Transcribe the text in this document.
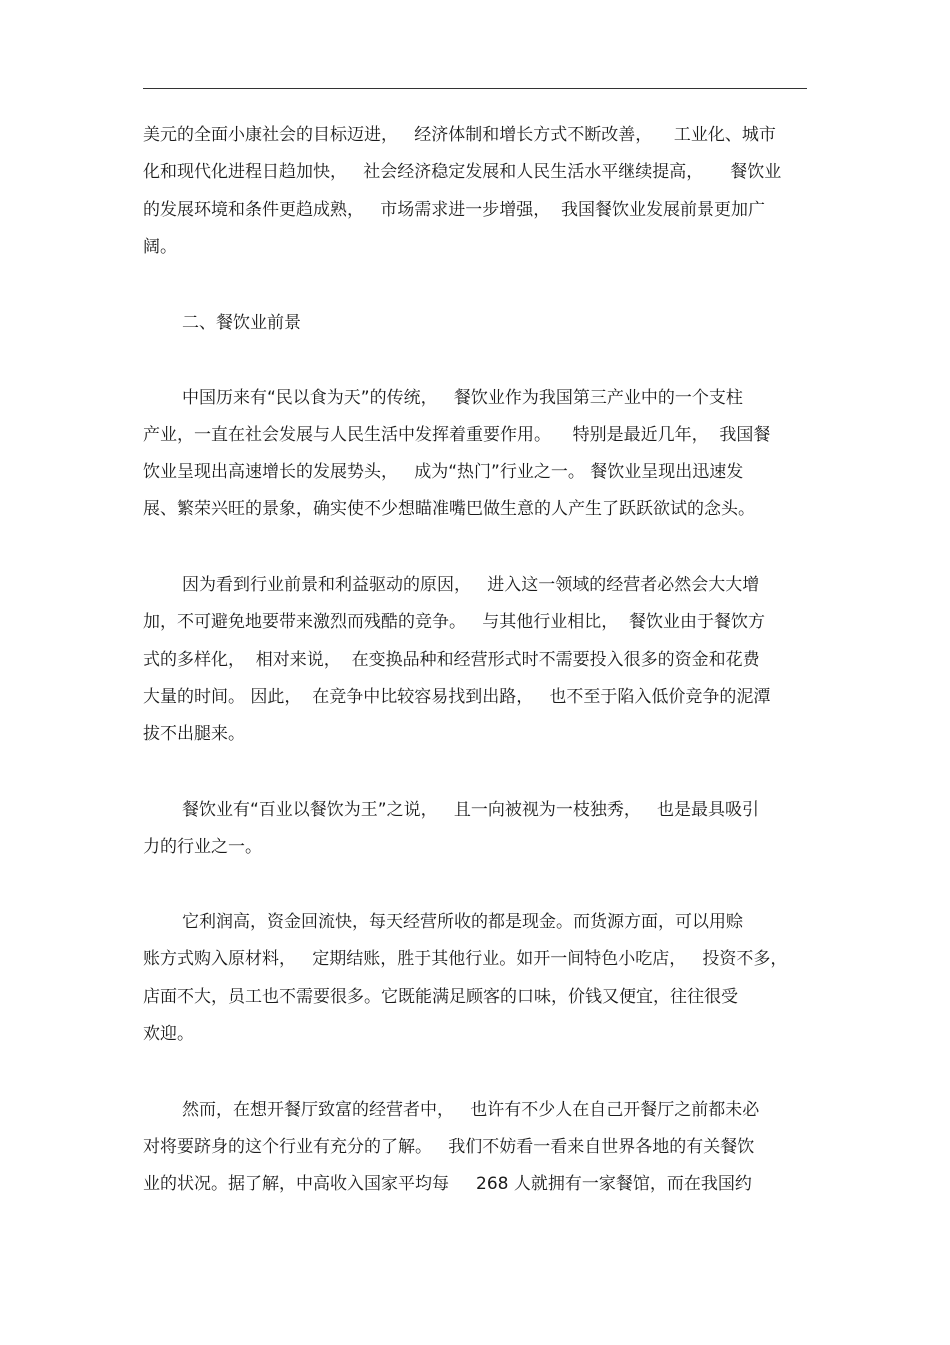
美元的全面小康社会的目标迈进，   经济体制和增长方式不断改善，    工业化、城市

化和现代化进程日趋加快，   社会经济稳定发展和人民生活水平继续提高，     餐饮业

的发展环境和条件更趋成熟，   市场需求进一步增强，  我国餐饮业发展前景更加广

阔。

二、餐饮业前景

中国历来有“民以食为天”的传统，   餐饮业作为我国第三产业中的一个支柱

产业，一直在社会发展与人民生活中发挥着重要作用。    特别是最近几年，  我国餐

饮业呈现出高速增长的发展势头，   成为“热门”行业之一。 餐饮业呈现出迅速发

展、繁荣兴旺的景象，确实使不少想瞄准嘴巴做生意的人产生了跃跃欲试的念头。

因为看到行业前景和利益驱动的原因，   进入这一领域的经营者必然会大大增

加，不可避免地要带来激烈而残酷的竞争。   与其他行业相比，  餐饮业由于餐饮方

式的多样化，  相对来说，  在变换品种和经营形式时不需要投入很多的资金和花费

大量的时间。 因此，  在竞争中比较容易找到出路，   也不至于陷入低价竞争的泥潭

拔不出腿来。

餐饮业有“百业以餐饮为王”之说，   且一向被视为一枝独秀，   也是最具吸引

力的行业之一。

它利润高，资金回流快，每天经营所收的都是现金。而货源方面，可以用赊

账方式购入原材料，   定期结账，胜于其他行业。如开一间特色小吃店，   投资不多，

店面不大，员工也不需要很多。它既能满足顾客的口味，价钱又便宜，往往很受

欢迎。

然而，在想开餐厅致富的经营者中，   也许有不少人在自己开餐厅之前都未必

对将要跻身的这个行业有充分的了解。   我们不妨看一看来自世界各地的有关餐饮

业的状况。据了解，中高收入国家平均每     268 人就拥有一家餐馆，而在我国约
